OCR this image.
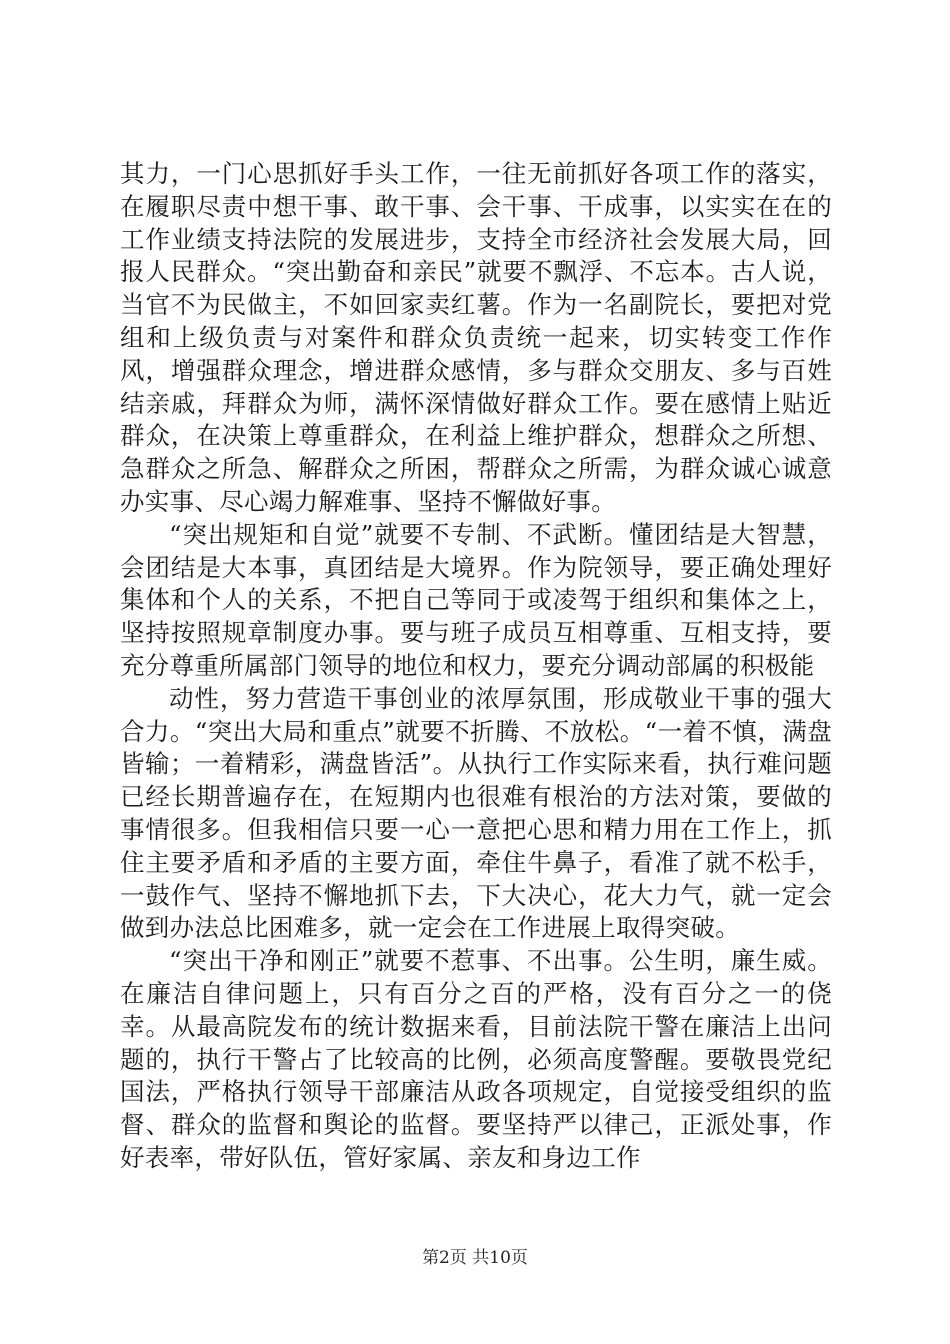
其力，一门心思抓好手头工作，一往无前抓好各项工作的落实，在履职尽责中想干事、敢干事、会干事、干成事，以实实在在的工作业绩支持法院的发展进步，支持全市经济社会发展大局，回报人民群众。“突出勤奋和亲民”就要不飘浮、不忘本。古人说，当官不为民做主，不如回家卖红薯。作为一名副院长，要把对党组和上级负责与对案件和群众负责统一起来，切实转变工作作风，增强群众理念，增进群众感情，多与群众交朋友、多与百姓结亲戚，拜群众为师，满怀深情做好群众工作。要在感情上贴近群众，在决策上尊重群众，在利益上维护群众，想群众之所想、急群众之所急、解群众之所困，帮群众之所需，为群众诚心诚意办实事、尽心竭力解难事、坚持不懈做好事。

“突出规矩和自觉”就要不专制、不武断。懂团结是大智慧，会团结是大本事，真团结是大境界。作为院领导，要正确处理好集体和个人的关系，不把自己等同于或凌驾于组织和集体之上，坚持按照规章制度办事。要与班子成员互相尊重、互相支持，要充分尊重所属部门领导的地位和权力，要充分调动部属的积极能

动性，努力营造干事创业的浓厚氛围，形成敬业干事的强大合力。“突出大局和重点”就要不折腾、不放松。“一着不慎，满盘皆输；一着精彩，满盘皆活”。从执行工作实际来看，执行难问题已经长期普遍存在，在短期内也很难有根治的方法对策，要做的事情很多。但我相信只要一心一意把心思和精力用在工作上，抓住主要矛盾和矛盾的主要方面，牵住牛鼻子，看准了就不松手，一鼓作气、坚持不懈地抓下去，下大决心，花大力气，就一定会做到办法总比困难多，就一定会在工作进展上取得突破。

“突出干净和刚正”就要不惹事、不出事。公生明，廉生威。在廉洁自律问题上，只有百分之百的严格，没有百分之一的侥幸。从最高院发布的统计数据来看，目前法院干警在廉洁上出问题的，执行干警占了比较高的比例，必须高度警醒。要敬畏党纪国法，严格执行领导干部廉洁从政各项规定，自觉接受组织的监督、群众的监督和舆论的监督。要坚持严以律己，正派处事，作好表率，带好队伍，管好家属、亲友和身边工作

第2页 共10页
